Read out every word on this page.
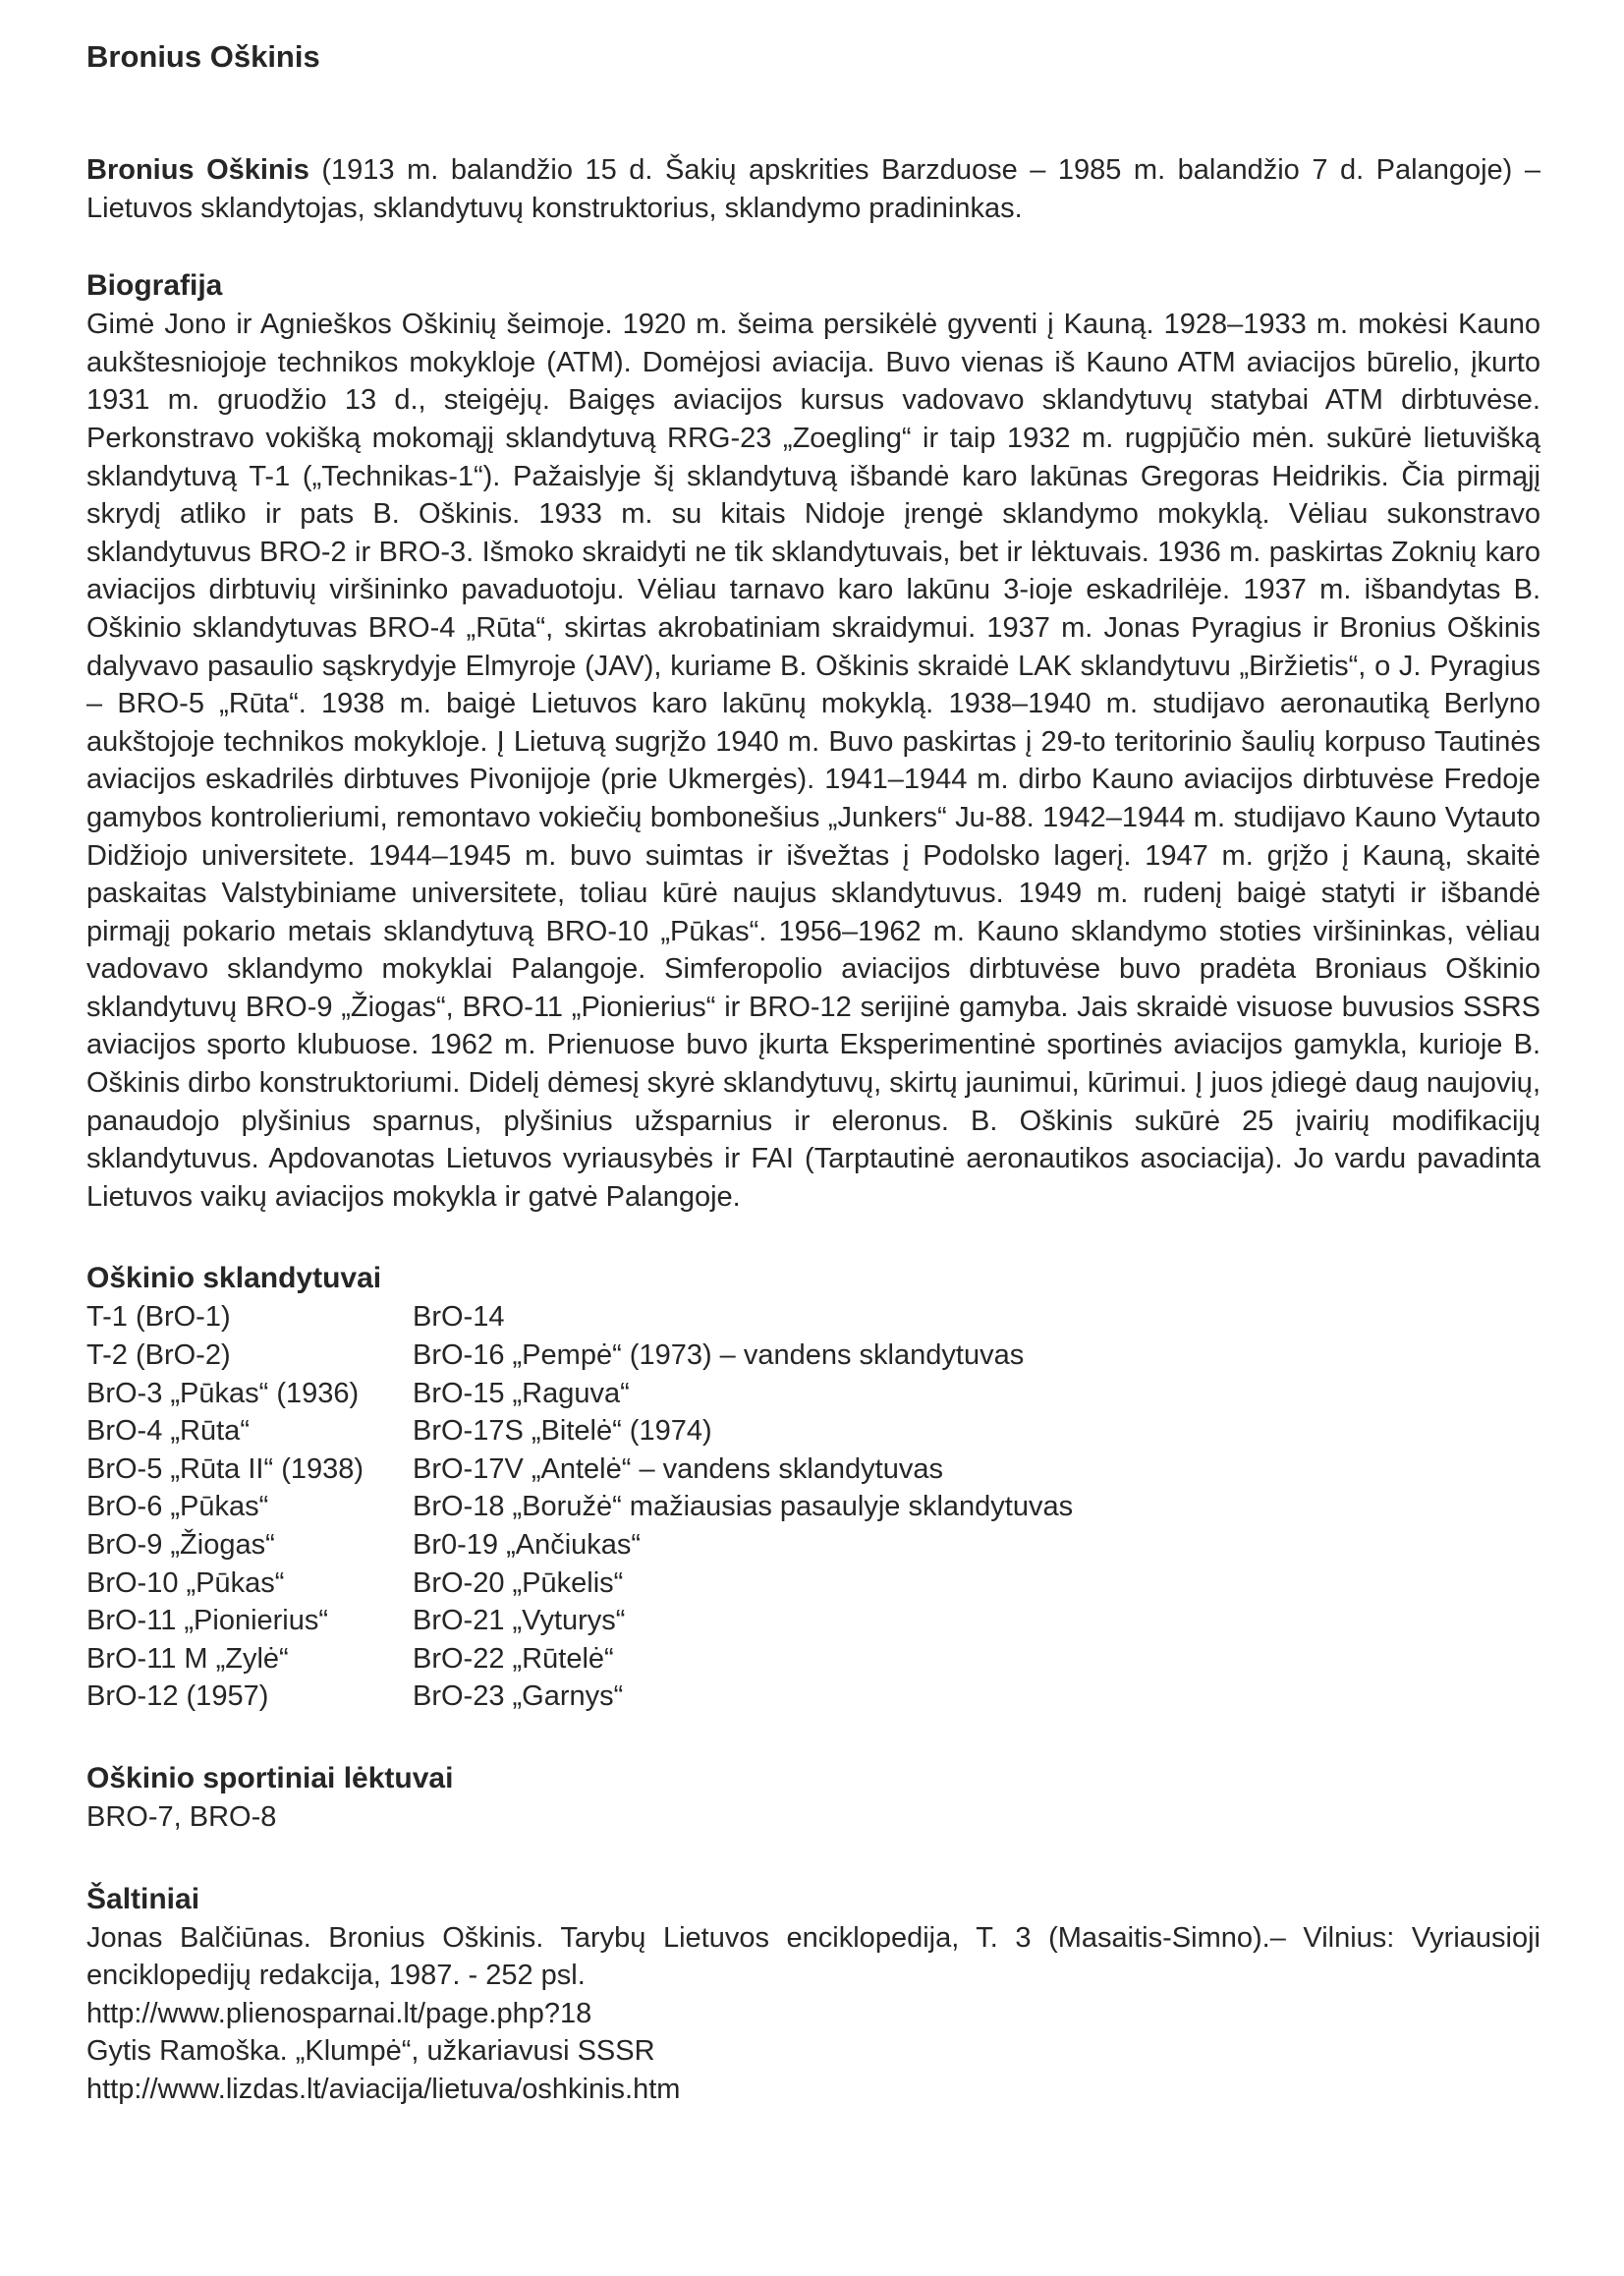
Bronius Oškinis

Bronius Oškinis (1913 m. balandžio 15 d. Šakių apskrities Barzduose – 1985 m. balandžio 7 d. Palangoje) – Lietuvos sklandytojas, sklandytuvų konstruktorius, sklandymo pradininkas.

Biografija

Gimė Jono ir Agnieškos Oškinių šeimoje. 1920 m. šeima persikėlė gyventi į Kauną. 1928–1933 m. mokėsi Kauno aukštesniojoje technikos mokykloje (ATM). Domėjosi aviacija. Buvo vienas iš Kauno ATM aviacijos būrelio, įkurto 1931 m. gruodžio 13 d., steigėjų. Baigęs aviacijos kursus vadovavo sklandytuvų statybai ATM dirbtuvėse. Perkonstravo vokišką mokomąjį sklandytuvą RRG-23 „Zoegling“ ir taip 1932 m. rugpjūčio mėn. sukūrė lietuvišką sklandytuvą T-1 („Technikas-1“). Pažaislyje šį sklandytuvą išbandė karo lakūnas Gregoras Heidrikis. Čia pirmąjį skrydį atliko ir pats B. Oškinis. 1933 m. su kitais Nidoje įrengė sklandymo mokyklą. Vėliau sukonstravo sklandytuvus BRO-2 ir BRO-3. Išmoko skraidyti ne tik sklandytuvais, bet ir lėktuvais. 1936 m. paskirtas Zoknių karo aviacijos dirbtuvių viršininko pavaduotoju. Vėliau tarnavo karo lakūnu 3-ioje eskadrilėje. 1937 m. išbandytas B. Oškinio sklandytuvas BRO-4 „Rūta“, skirtas akrobatiniam skraidymui. 1937 m. Jonas Pyragius ir Bronius Oškinis dalyvavo pasaulio sąskrydyje Elmyroje (JAV), kuriame B. Oškinis skraidė LAK sklandytuvu „Biržietis“, o J. Pyragius – BRO-5 „Rūta“. 1938 m. baigė Lietuvos karo lakūnų mokyklą. 1938–1940 m. studijavo aeronautiką Berlyno aukštojoje technikos mokykloje. Į Lietuvą sugrįžo 1940 m. Buvo paskirtas į 29-to teritorinio šaulių korpuso Tautinės aviacijos eskadrilės dirbtuves Pivonijoje (prie Ukmergės). 1941–1944 m. dirbo Kauno aviacijos dirbtuvėse Fredoje gamybos kontrolieriumi, remontavo vokiečių bombonešius „Junkers“ Ju-88. 1942–1944 m. studijavo Kauno Vytauto Didžiojo universitete. 1944–1945 m. buvo suimtas ir išvežtas į Podolsko lagerį. 1947 m. grįžo į Kauną, skaitė paskaitas Valstybiniame universitete, toliau kūrė naujus sklandytuvus. 1949 m. rudenį baigė statyti ir išbandė pirmąjį pokario metais sklandytuvą BRO-10 „Pūkas“. 1956–1962 m. Kauno sklandymo stoties viršininkas, vėliau vadovavo sklandymo mokyklai Palangoje. Simferopolio aviacijos dirbtuvėse buvo pradėta Broniaus Oškinio sklandytuvų BRO-9 „Žiogas“, BRO-11 „Pionierius“ ir BRO-12 serijinė gamyba. Jais skraidė visuose buvusios SSRS aviacijos sporto klubuose. 1962 m. Prienuose buvo įkurta Eksperimentinė sportinės aviacijos gamykla, kurioje B. Oškinis dirbo konstruktoriumi. Didelį dėmesį skyrė sklandytuvų, skirtų jaunimui, kūrimui. Į juos įdiegė daug naujovių, panaudojo plyšinius sparnus, plyšinius užsparnius ir eleronus. B. Oškinis sukūrė 25 įvairių modifikacijų sklandytuvus. Apdovanotas Lietuvos vyriausybės ir FAI (Tarptautinė aeronautikos asociacija). Jo vardu pavadinta Lietuvos vaikų aviacijos mokykla ir gatvė Palangoje.

Oškinio sklandytuvai
T-1 (BrO-1)	BrO-14
T-2 (BrO-2)	BrO-16 „Pempė“ (1973) – vandens sklandytuvas
BrO-3 „Pūkas“ (1936)	BrO-15 „Raguva“
BrO-4 „Rūta“	BrO-17S „Bitelė“ (1974)
BrO-5 „Rūta II“ (1938)	BrO-17V „Antelė“ – vandens sklandytuvas
BrO-6 „Pūkas“	BrO-18 „Boružė“ mažiausias pasaulyje sklandytuvas
BrO-9 „Žiogas“	Br0-19 „Ančiukas“
BrO-10 „Pūkas“	BrO-20 „Pūkelis“
BrO-11 „Pionierius“	BrO-21 „Vyturys“
BrO-11 M „Zylė“	BrO-22 „Rūtelė“
BrO-12 (1957)	BrO-23 „Garnys“
Oškinio sportiniai lėktuvai

BRO-7, BRO-8

Šaltiniai
Jonas Balčiūnas. Bronius Oškinis. Tarybų Lietuvos enciklopedija, T. 3 (Masaitis-Simno).– Vilnius: Vyriausioji enciklopedijų redakcija, 1987. - 252 psl.
http://www.plienosparnai.lt/page.php?18
Gytis Ramoška. „Klumpė“, užkariavusi SSSR
http://www.lizdas.lt/aviacija/lietuva/oshkinis.htm
